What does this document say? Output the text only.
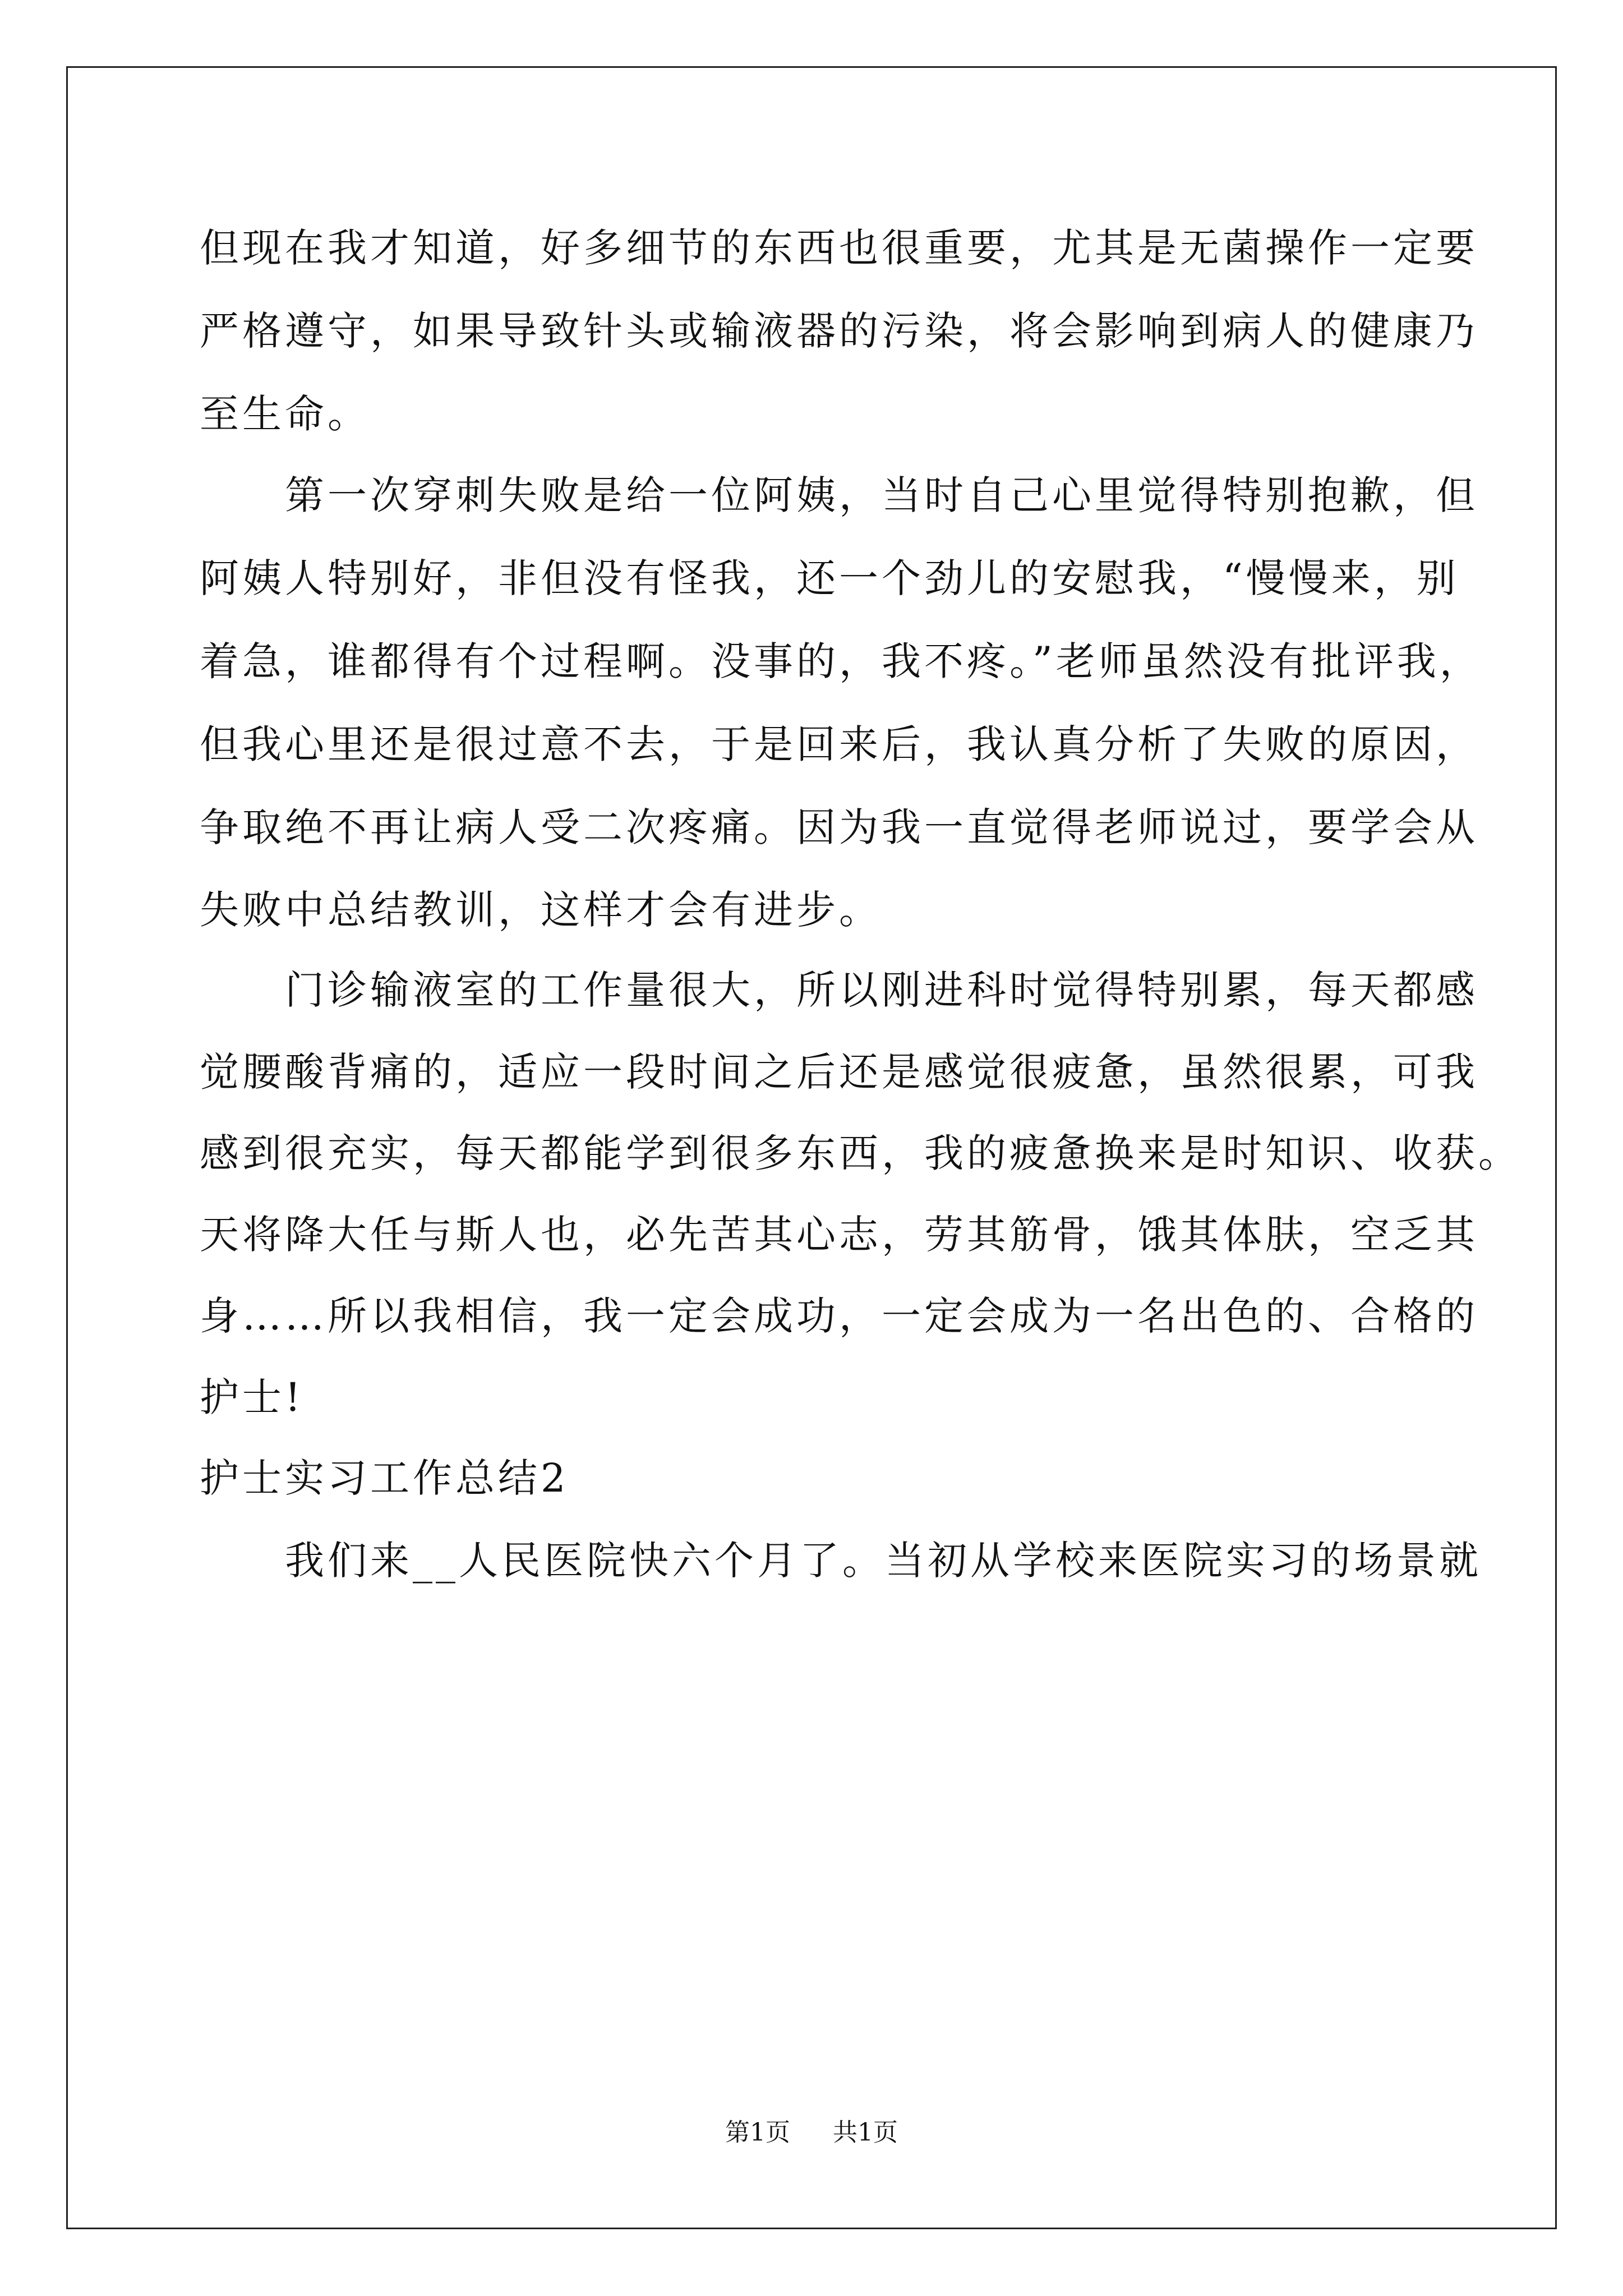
但现在我才知道，好多细节的东西也很重要，尤其是无菌操作一定要
严格遵守，如果导致针头或输液器的污染，将会影响到病人的健康乃
至生命。
　　第一次穿刺失败是给一位阿姨，当时自己心里觉得特别抱歉，但
阿姨人特别好，非但没有怪我，还一个劲儿的安慰我，“慢慢来，别
着急，谁都得有个过程啊。没事的，我不疼。”老师虽然没有批评我，
但我心里还是很过意不去，于是回来后，我认真分析了失败的原因，
争取绝不再让病人受二次疼痛。因为我一直觉得老师说过，要学会从
失败中总结教训，这样才会有进步。
　　门诊输液室的工作量很大，所以刚进科时觉得特别累，每天都感
觉腰酸背痛的，适应一段时间之后还是感觉很疲惫，虽然很累，可我
感到很充实，每天都能学到很多东西，我的疲惫换来是时知识、收获。
天将降大任与斯人也，必先苦其心志，劳其筋骨，饿其体肤，空乏其
身……所以我相信，我一定会成功，一定会成为一名出色的、合格的
护士!
护士实习工作总结2
　　我们来__人民医院快六个月了。当初从学校来医院实习的场景就
第1页 共1页
